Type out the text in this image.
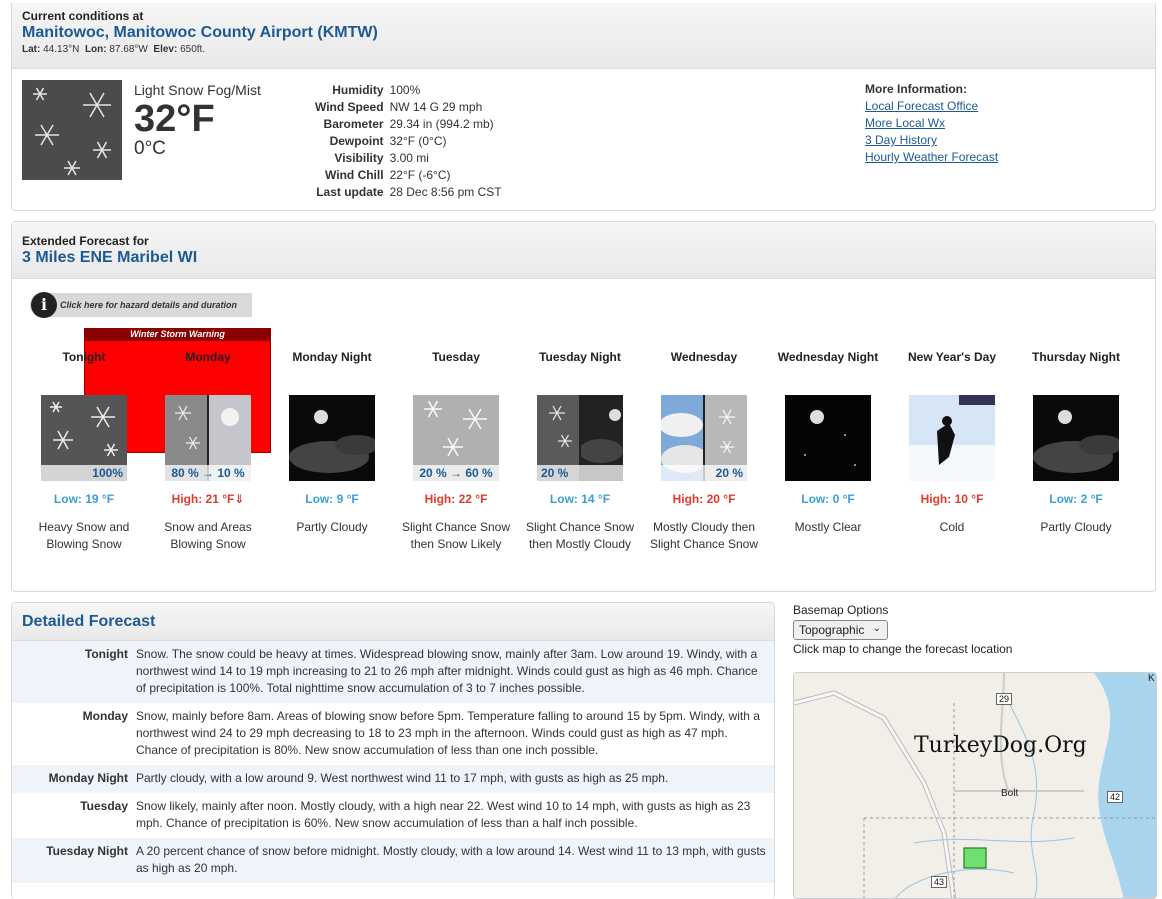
Current conditions at
Manitowoc, Manitowoc County Airport (KMTW)
Lat: 44.13°N Lon: 87.68°W Elev: 650ft.
Light Snow Fog/Mist
32°F
0°C
Humidity	100%
Wind Speed	NW 14 G 29 mph
Barometer	29.34 in (994.2 mb)
Dewpoint	32°F (0°C)
Visibility	3.00 mi
Wind Chill	22°F (-6°C)
Last update	28 Dec 8:56 pm CST
More Information:
Local Forecast Office
More Local Wx
3 Day History
Hourly Weather Forecast
Extended Forecast for
3 Miles ENE Maribel WI
i	Click here for hazard details and duration
Winter Storm Warning
Tonight
100%
Low: 19 °F
Heavy Snow and Blowing Snow
Monday
80 % → 10 %
High: 21 °F⇓
Snow and Areas Blowing Snow
Monday Night
Low: 9 °F
Partly Cloudy
Tuesday
20 % → 60 %
High: 22 °F
Slight Chance Snow then Snow Likely
Tuesday Night
20 %
Low: 14 °F
Slight Chance Snow then Mostly Cloudy
Wednesday
20 %
High: 20 °F
Mostly Cloudy then Slight Chance Snow
Wednesday Night
Low: 0 °F
Mostly Clear
New Year's Day
High: 10 °F
Cold
Thursday Night
Low: 2 °F
Partly Cloudy
Detailed Forecast
Tonight Snow. The snow could be heavy at times. Widespread blowing snow, mainly after 3am. Low around 19. Windy, with a northwest wind 14 to 19 mph increasing to 21 to 26 mph after midnight. Winds could gust as high as 46 mph. Chance of precipitation is 100%. Total nighttime snow accumulation of 3 to 7 inches possible.
Monday Snow, mainly before 8am. Areas of blowing snow before 5pm. Temperature falling to around 15 by 5pm. Windy, with a northwest wind 24 to 29 mph decreasing to 18 to 23 mph in the afternoon. Winds could gust as high as 47 mph. Chance of precipitation is 80%. New snow accumulation of less than one inch possible.
Monday Night Partly cloudy, with a low around 9. West northwest wind 11 to 17 mph, with gusts as high as 25 mph.
Tuesday Snow likely, mainly after noon. Mostly cloudy, with a high near 22. West wind 10 to 14 mph, with gusts as high as 23 mph. Chance of precipitation is 60%. New snow accumulation of less than a half inch possible.
Tuesday Night A 20 percent chance of snow before midnight. Mostly cloudy, with a low around 14. West wind 11 to 13 mph, with gusts as high as 20 mph.
Basemap Options
Topographic ⌄
Click map to change the forecast location
TurkeyDog.Org
Bolt
29
42
43
K
